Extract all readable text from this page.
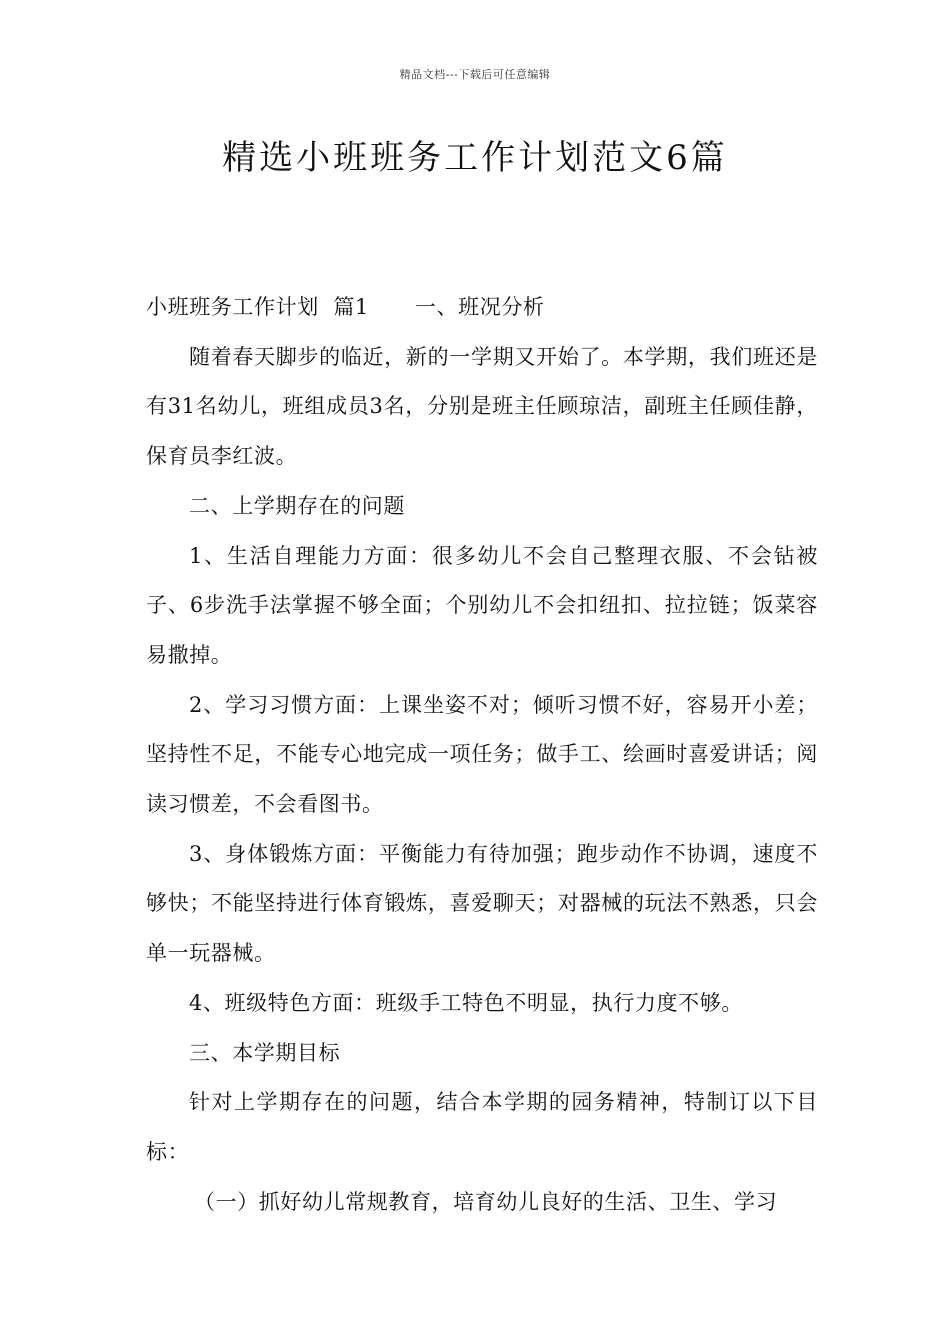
精品文档---下载后可任意编辑
精选小班班务工作计划范文6篇

小班班务工作计划  篇1 一、班况分析

随着春天脚步的临近，新的一学期又开始了。本学期，我们班还是有31名幼儿，班组成员3名，分别是班主任顾琼洁，副班主任顾佳静，保育员李红波。

二、上学期存在的问题

1、生活自理能力方面：很多幼儿不会自己整理衣服、不会钻被子、6步洗手法掌握不够全面；个别幼儿不会扣纽扣、拉拉链；饭菜容易撒掉。

2、学习习惯方面：上课坐姿不对；倾听习惯不好，容易开小差；坚持性不足，不能专心地完成一项任务；做手工、绘画时喜爱讲话；阅读习惯差，不会看图书。

3、身体锻炼方面：平衡能力有待加强；跑步动作不协调，速度不够快；不能坚持进行体育锻炼，喜爱聊天；对器械的玩法不熟悉，只会单一玩器械。

4、班级特色方面：班级手工特色不明显，执行力度不够。

三、本学期目标

针对上学期存在的问题，结合本学期的园务精神，特制订以下目标：

（一）抓好幼儿常规教育，培育幼儿良好的生活、卫生、学习
